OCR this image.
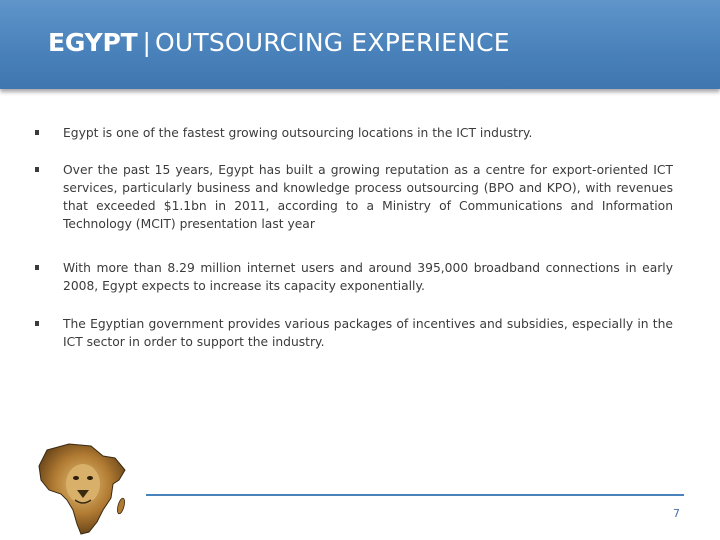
EGYPT | OUTSOURCING EXPERIENCE
Egypt is one of the fastest growing outsourcing locations in the ICT industry.
Over the past 15 years, Egypt has built a growing reputation as a centre for export-oriented ICT services, particularly business and knowledge process outsourcing (BPO and KPO), with revenues that exceeded $1.1bn in 2011, according to a Ministry of Communications and Information Technology (MCIT) presentation last year
With more than 8.29 million internet users and around 395,000 broadband connections in early 2008, Egypt expects to increase its capacity exponentially.
The Egyptian government provides various packages of incentives and subsidies, especially in the ICT sector in order to support the industry.
7
